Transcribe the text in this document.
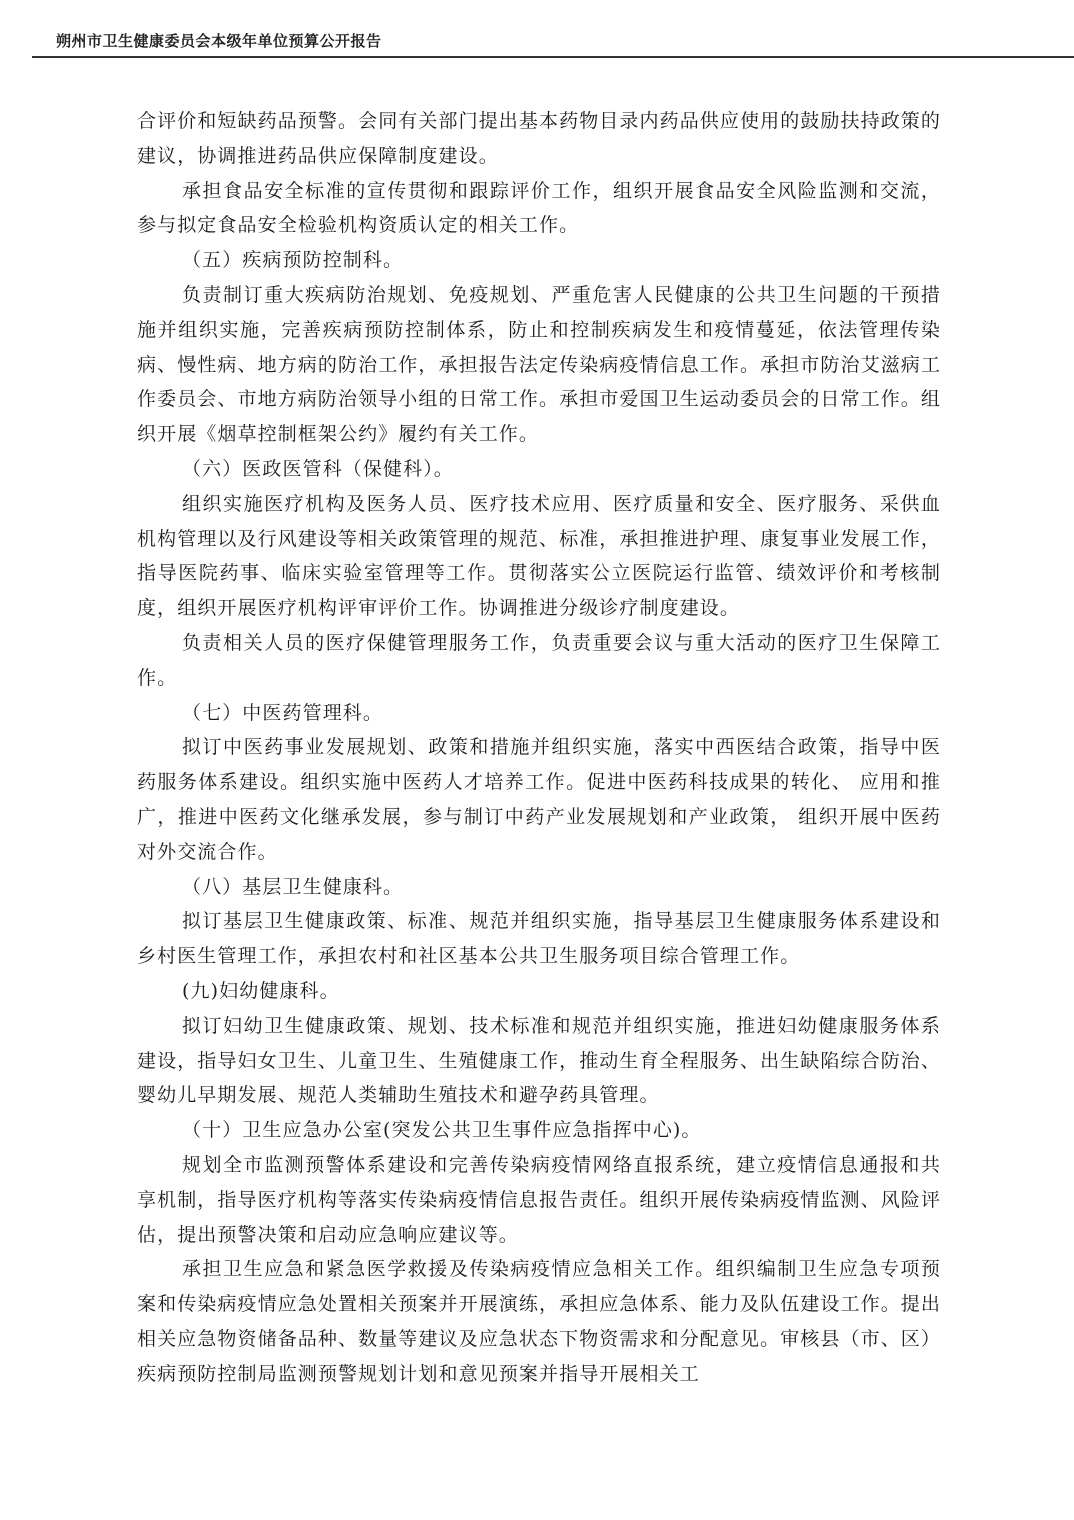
朔州市卫生健康委员会本级年单位预算公开报告

合评价和短缺药品预警。会同有关部门提出基本药物目录内药品供应使用的鼓励扶持政策的建议，协调推进药品供应保障制度建设。

承担食品安全标准的宣传贯彻和跟踪评价工作，组织开展食品安全风险监测和交流，参与拟定食品安全检验机构资质认定的相关工作。

（五）疾病预防控制科。

负责制订重大疾病防治规划、免疫规划、严重危害人民健康的公共卫生问题的干预措施并组织实施，完善疾病预防控制体系，防止和控制疾病发生和疫情蔓延，依法管理传染病、慢性病、地方病的防治工作，承担报告法定传染病疫情信息工作。承担市防治艾滋病工作委员会、市地方病防治领导小组的日常工作。承担市爱国卫生运动委员会的日常工作。组织开展《烟草控制框架公约》履约有关工作。

（六）医政医管科（保健科）。

组织实施医疗机构及医务人员、医疗技术应用、医疗质量和安全、医疗服务、采供血机构管理以及行风建设等相关政策管理的规范、标准，承担推进护理、康复事业发展工作，指导医院药事、临床实验室管理等工作。贯彻落实公立医院运行监管、绩效评价和考核制度，组织开展医疗机构评审评价工作。协调推进分级诊疗制度建设。

负责相关人员的医疗保健管理服务工作，负责重要会议与重大活动的医疗卫生保障工作。

（七）中医药管理科。

拟订中医药事业发展规划、政策和措施并组织实施，落实中西医结合政策，指导中医药服务体系建设。组织实施中医药人才培养工作。促进中医药科技成果的转化、 应用和推广，推进中医药文化继承发展，参与制订中药产业发展规划和产业政策， 组织开展中医药对外交流合作。

（八）基层卫生健康科。

拟订基层卫生健康政策、标准、规范并组织实施，指导基层卫生健康服务体系建设和乡村医生管理工作，承担农村和社区基本公共卫生服务项目综合管理工作。

(九)妇幼健康科。

拟订妇幼卫生健康政策、规划、技术标准和规范并组织实施，推进妇幼健康服务体系建设，指导妇女卫生、儿童卫生、生殖健康工作，推动生育全程服务、出生缺陷综合防治、婴幼儿早期发展、规范人类辅助生殖技术和避孕药具管理。

（十）卫生应急办公室(突发公共卫生事件应急指挥中心)。

规划全市监测预警体系建设和完善传染病疫情网络直报系统，建立疫情信息通报和共享机制，指导医疗机构等落实传染病疫情信息报告责任。组织开展传染病疫情监测、风险评估，提出预警决策和启动应急响应建议等。

承担卫生应急和紧急医学救援及传染病疫情应急相关工作。组织编制卫生应急专项预案和传染病疫情应急处置相关预案并开展演练，承担应急体系、能力及队伍建设工作。提出相关应急物资储备品种、数量等建议及应急状态下物资需求和分配意见。审核县（市、区）疾病预防控制局监测预警规划计划和意见预案并指导开展相关工
